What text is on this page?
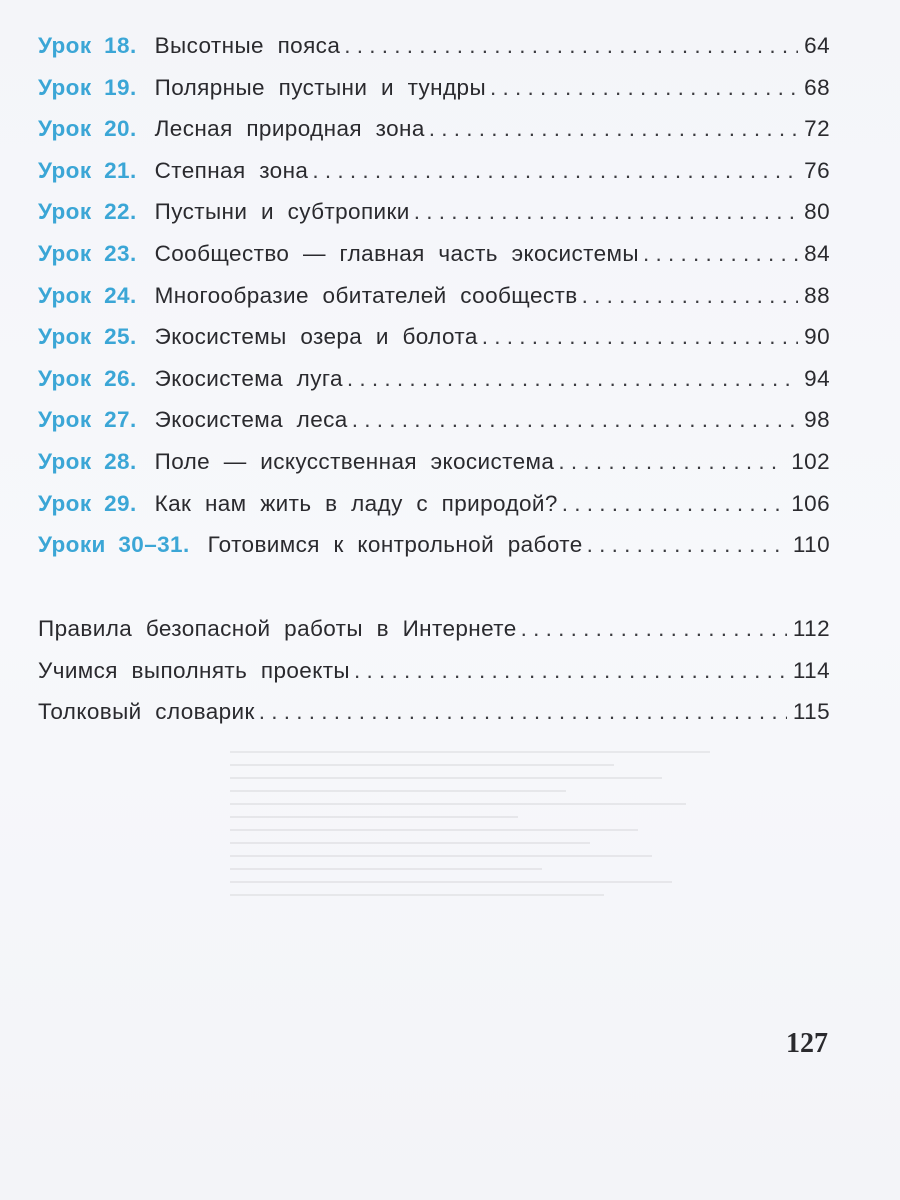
Урок 18. Высотные пояса . . .	64
Урок 19. Полярные пустыни и тундры . . .	68
Урок 20. Лесная природная зона . . .	72
Урок 21. Степная зона . . .	76
Урок 22. Пустыни и субтропики . . .	80
Урок 23. Сообщество — главная часть экосистемы . . .	84
Урок 24. Многообразие обитателей сообществ . . .	88
Урок 25. Экосистемы озера и болота . . .	90
Урок 26. Экосистема луга . . .	94
Урок 27. Экосистема леса . . .	98
Урок 28. Поле — искусственная экосистема . . .	102
Урок 29. Как нам жить в ладу с природой? . . .	106
Уроки 30–31. Готовимся к контрольной работе . . .	110
Правила безопасной работы в Интернете . . .	112
Учимся выполнять проекты . . .	114
Толковый словарик . . .	115
127
